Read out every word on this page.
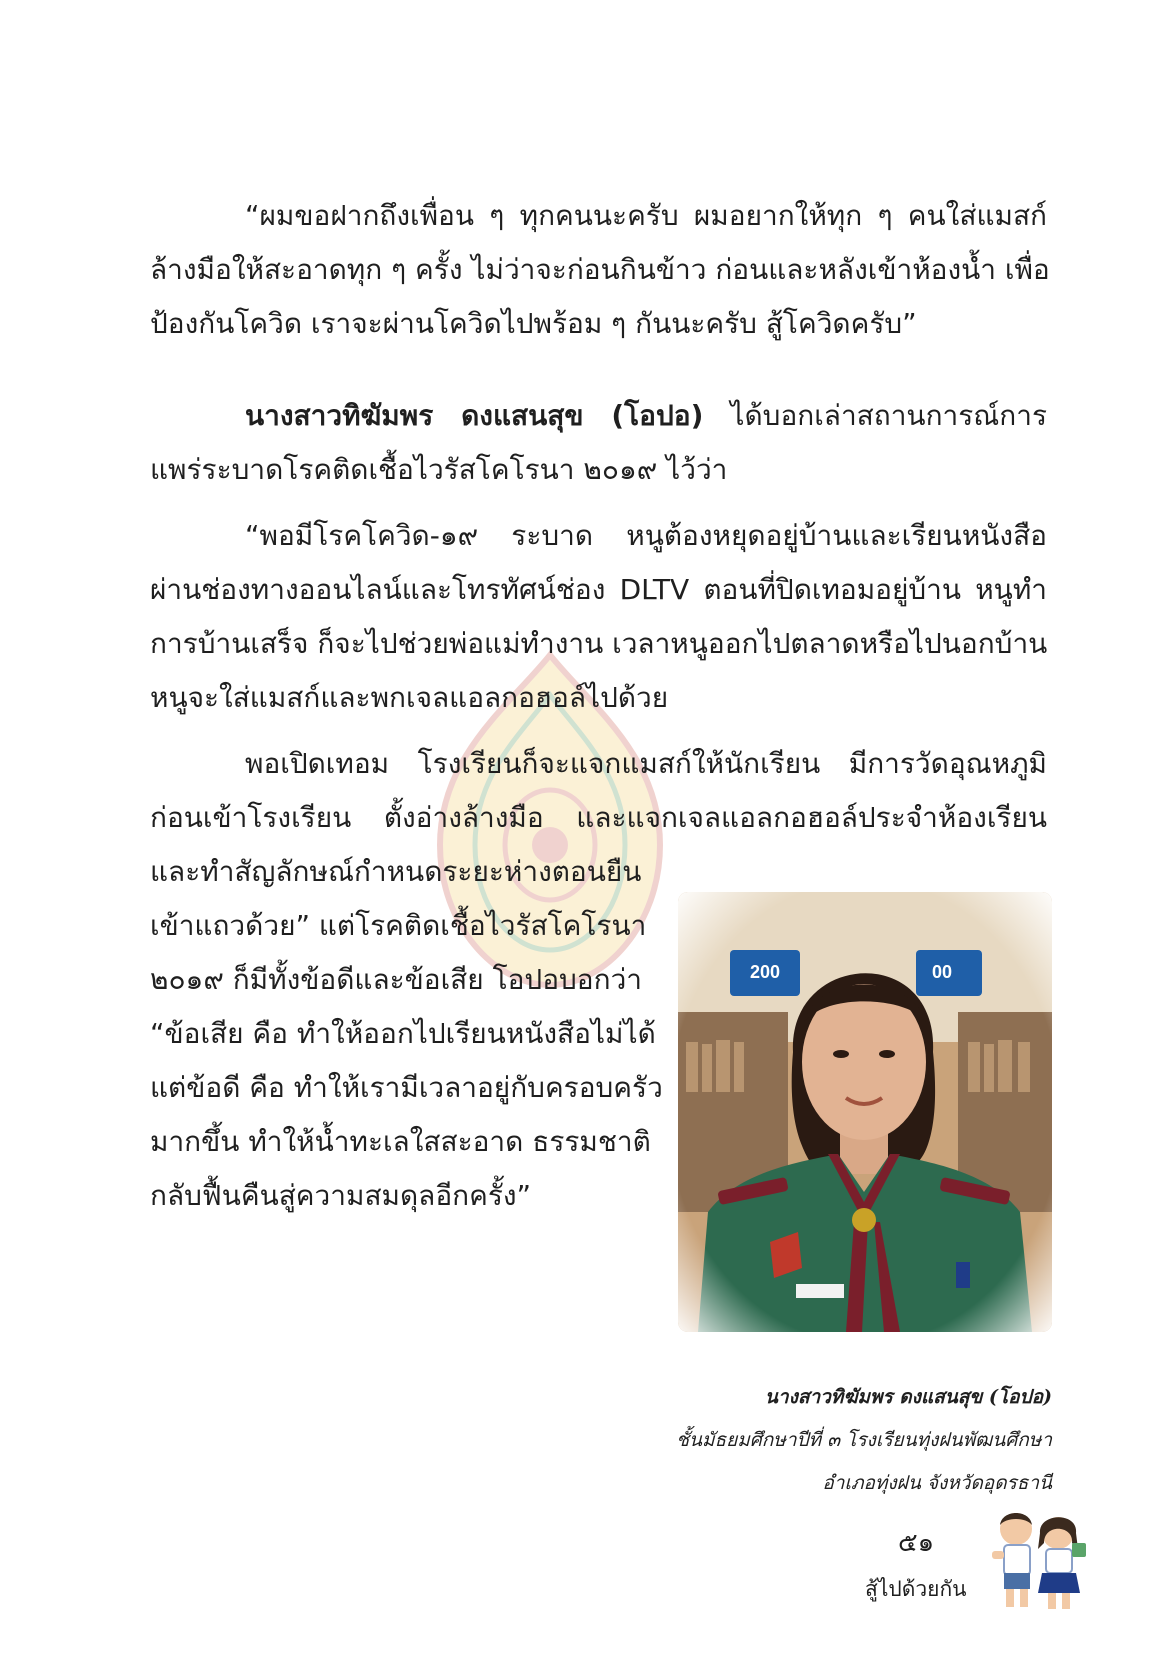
“ผมขอฝากถึงเพื่อน ๆ ทุกคนนะครับ ผมอยากให้ทุก ๆ คนใส่แมสก์
ล้างมือให้สะอาดทุก ๆ ครั้ง ไม่ว่าจะก่อนกินข้าว ก่อนและหลังเข้าห้องน้ำ เพื่อ
ป้องกันโควิด เราจะผ่านโควิดไปพร้อม ๆ กันนะครับ สู้โควิดครับ”
นางสาวทิฆัมพร ดงแสนสุข (โอปอ) ได้บอกเล่าสถานการณ์การ
แพร่ระบาดโรคติดเชื้อไวรัสโคโรนา ๒๐๑๙ ไว้ว่า
“พอมีโรคโควิด-๑๙ ระบาด หนูต้องหยุดอยู่บ้านและเรียนหนังสือ
ผ่านช่องทางออนไลน์และโทรทัศน์ช่อง DLTV ตอนที่ปิดเทอมอยู่บ้าน หนูทำ
การบ้านเสร็จ ก็จะไปช่วยพ่อแม่ทำงาน เวลาหนูออกไปตลาดหรือไปนอกบ้าน
หนูจะใส่แมสก์และพกเจลแอลกอฮอล์ไปด้วย
พอเปิดเทอม โรงเรียนก็จะแจกแมสก์ให้นักเรียน มีการวัดอุณหภูมิ
ก่อนเข้าโรงเรียน ตั้งอ่างล้างมือ และแจกเจลแอลกอฮอล์ประจำห้องเรียน
และทำสัญลักษณ์กำหนดระยะห่างตอนยืน
เข้าแถวด้วย” แต่โรคติดเชื้อไวรัสโคโรนา
๒๐๑๙ ก็มีทั้งข้อดีและข้อเสีย โอปอบอกว่า
“ข้อเสีย คือ ทำให้ออกไปเรียนหนังสือไม่ได้
แต่ข้อดี คือ ทำให้เรามีเวลาอยู่กับครอบครัว
มากขึ้น ทำให้น้ำทะเลใสสะอาด ธรรมชาติ
กลับฟื้นคืนสู่ความสมดุลอีกครั้ง”
นางสาวทิฆัมพร ดงแสนสุข (โอปอ)
ชั้นมัธยมศึกษาปีที่ ๓ โรงเรียนทุ่งฝนพัฒนศึกษา
อำเภอทุ่งฝน จังหวัดอุดรธานี
๕๑
สู้ไปด้วยกัน
